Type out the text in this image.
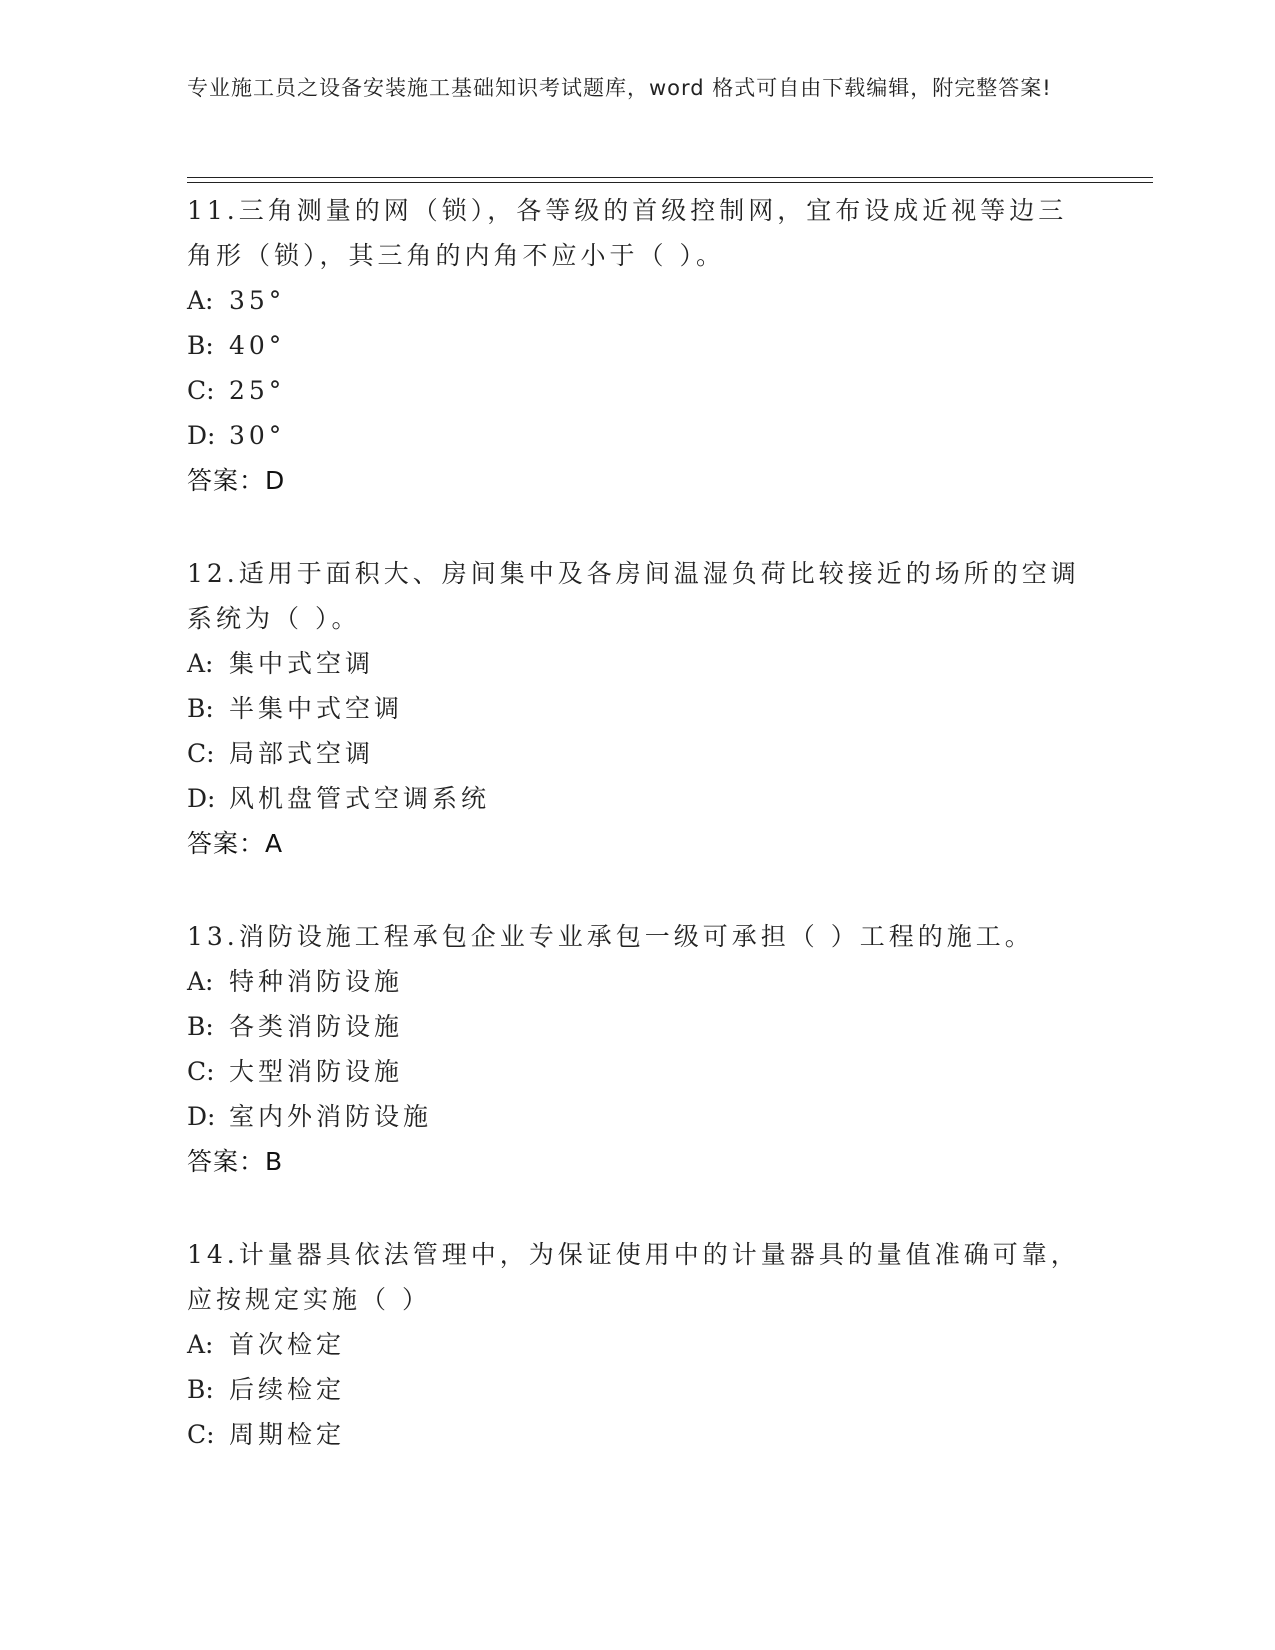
专业施工员之设备安装施工基础知识考试题库，word 格式可自由下载编辑，附完整答案!

11.三角测量的网（锁），各等级的首级控制网，宜布设成近视等边三角形（锁），其三角的内角不应小于（ ）。

A: 35°

B: 40°

C: 25°

D: 30°

答案：D

12.适用于面积大、房间集中及各房间温湿负荷比较接近的场所的空调系统为（ ）。

A: 集中式空调

B: 半集中式空调

C: 局部式空调

D: 风机盘管式空调系统

答案：A

13.消防设施工程承包企业专业承包一级可承担（ ）工程的施工。

A: 特种消防设施

B: 各类消防设施

C: 大型消防设施

D: 室内外消防设施

答案：B

14.计量器具依法管理中，为保证使用中的计量器具的量值准确可靠，应按规定实施（ ）

A: 首次检定

B: 后续检定

C: 周期检定
